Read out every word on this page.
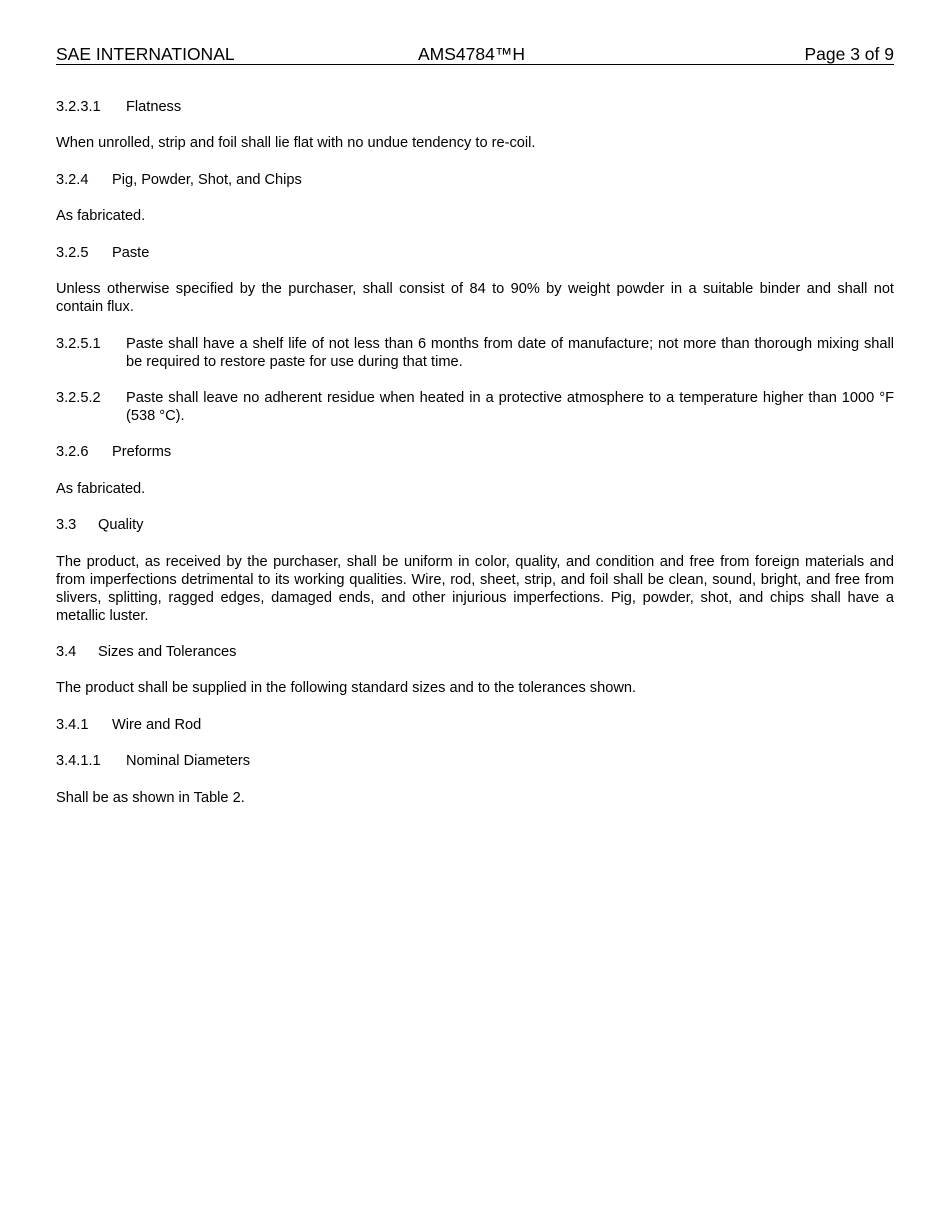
SAE INTERNATIONAL	AMS4784™H	Page 3 of 9
3.2.3.1 Flatness
When unrolled, strip and foil shall lie flat with no undue tendency to re-coil.
3.2.4 Pig, Powder, Shot, and Chips
As fabricated.
3.2.5 Paste
Unless otherwise specified by the purchaser, shall consist of 84 to 90% by weight powder in a suitable binder and shall not contain flux.
3.2.5.1	Paste shall have a shelf life of not less than 6 months from date of manufacture; not more than thorough mixing shall be required to restore paste for use during that time.
3.2.5.2	Paste shall leave no adherent residue when heated in a protective atmosphere to a temperature higher than 1000 °F (538 °C).
3.2.6 Preforms
As fabricated.
3.3 Quality
The product, as received by the purchaser, shall be uniform in color, quality, and condition and free from foreign materials and from imperfections detrimental to its working qualities. Wire, rod, sheet, strip, and foil shall be clean, sound, bright, and free from slivers, splitting, ragged edges, damaged ends, and other injurious imperfections. Pig, powder, shot, and chips shall have a metallic luster.
3.4 Sizes and Tolerances
The product shall be supplied in the following standard sizes and to the tolerances shown.
3.4.1 Wire and Rod
3.4.1.1 Nominal Diameters
Shall be as shown in Table 2.
